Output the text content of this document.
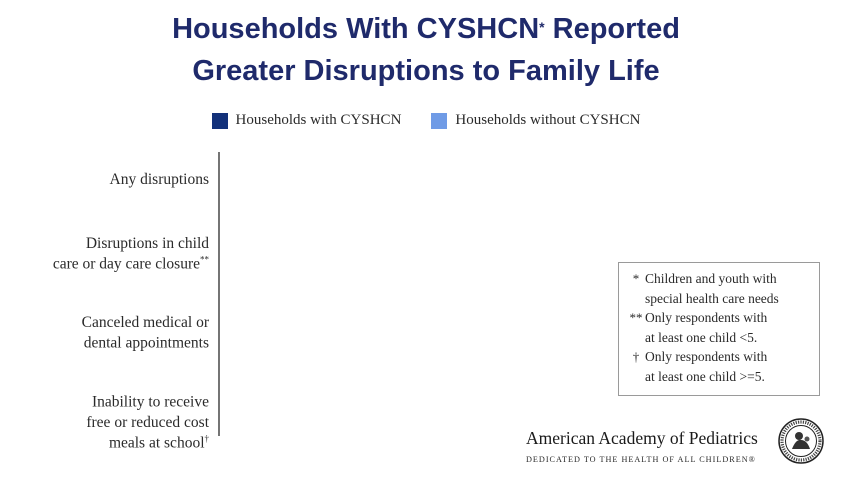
Households With CYSHCN* Reported
Greater Disruptions to Family Life
Households with CYSHCN	Households without CYSHCN
Any disruptions
Disruptions in child
care or day care closure**
Canceled medical or
dental appointments
Inability to receive
free or reduced cost
meals at school†
* Children and youth with
special health care needs
** Only respondents with
at least one child <5.
† Only respondents with
at least one child >=5.
American Academy of Pediatrics
DEDICATED TO THE HEALTH OF ALL CHILDREN®
